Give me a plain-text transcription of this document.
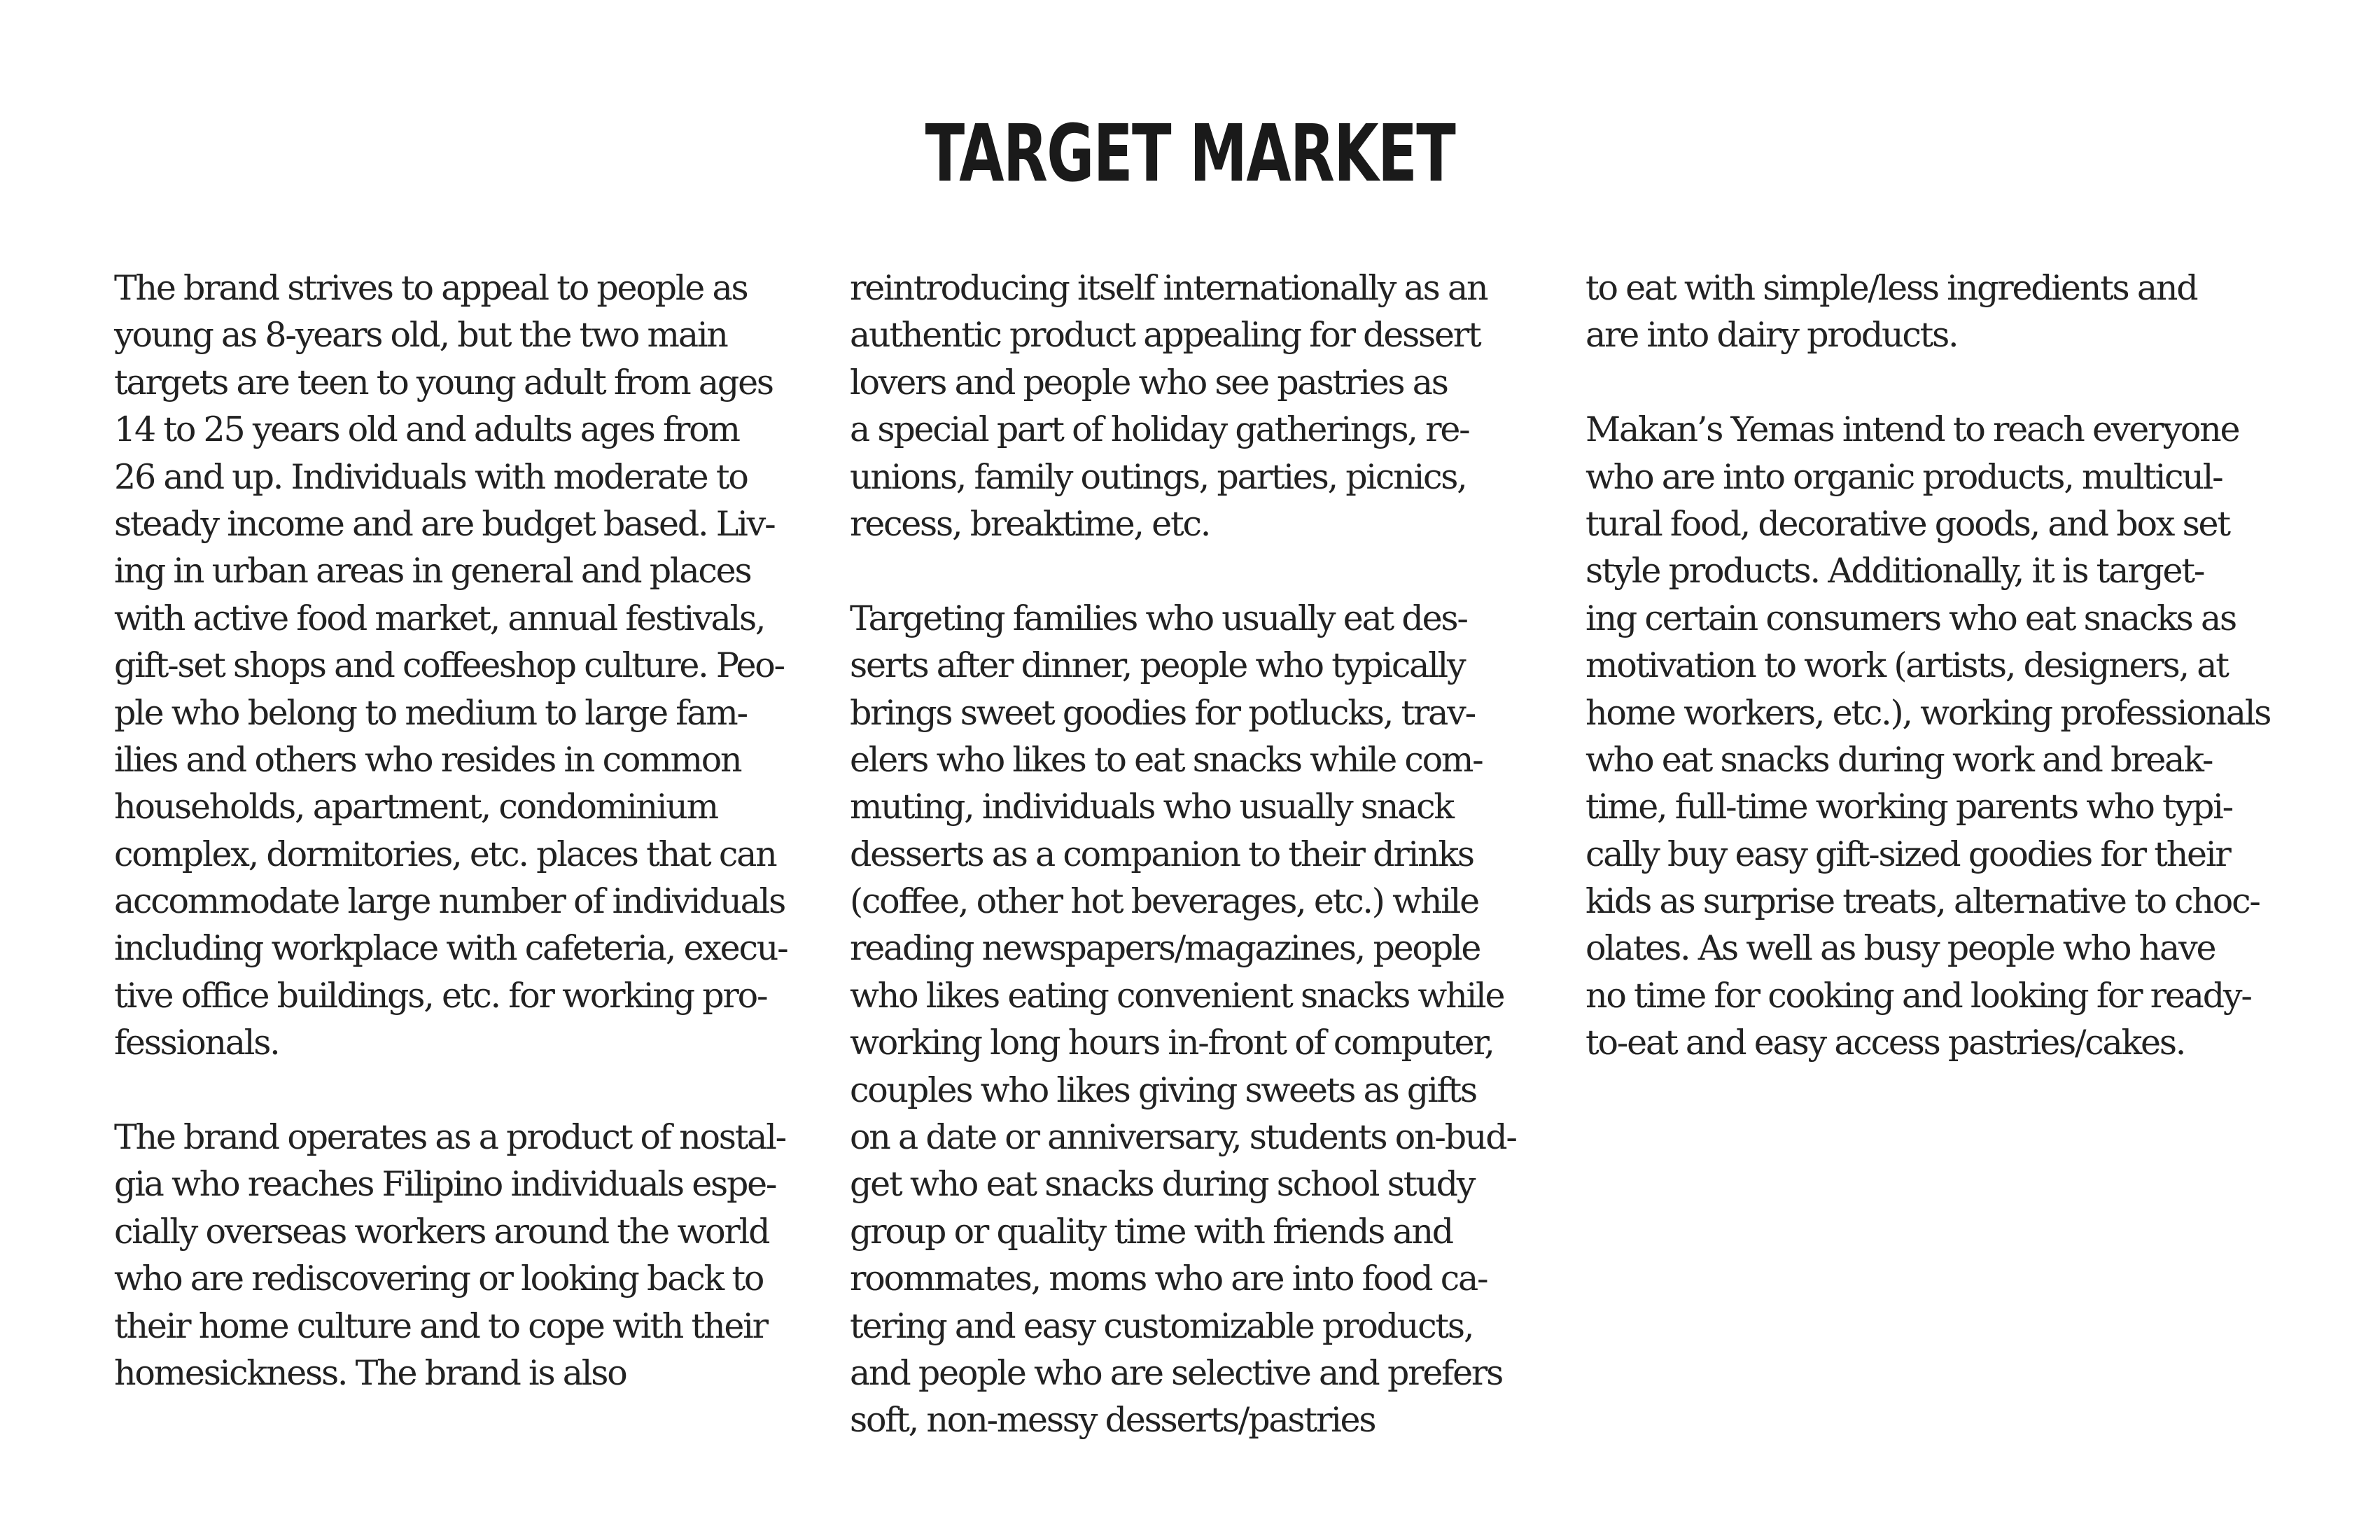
TARGET MARKET
The brand strives to appeal to people as
young as 8-years old, but the two main
targets are teen to young adult from ages
14 to 25 years old and adults ages from
26 and up. Individuals with moderate to
steady income and are budget based. Liv-
ing in urban areas in general and places
with active food market, annual festivals,
gift-set shops and coffeeshop culture. Peo-
ple who belong to medium to large fam-
ilies and others who resides in common
households, apartment, condominium
complex, dormitories, etc. places that can
accommodate large number of individuals
including workplace with cafeteria, execu-
tive office buildings, etc. for working pro-
fessionals.
The brand operates as a product of nostal-
gia who reaches Filipino individuals espe-
cially overseas workers around the world
who are rediscovering or looking back to
their home culture and to cope with their
homesickness. The brand is also
reintroducing itself internationally as an
authentic product appealing for dessert
lovers and people who see pastries as
a special part of holiday gatherings, re-
unions, family outings, parties, picnics,
recess, breaktime, etc.
Targeting families who usually eat des-
serts after dinner, people who typically
brings sweet goodies for potlucks, trav-
elers who likes to eat snacks while com-
muting, individuals who usually snack
desserts as a companion to their drinks
(coffee, other hot beverages, etc.) while
reading newspapers/magazines, people
who likes eating convenient snacks while
working long hours in-front of computer,
couples who likes giving sweets as gifts
on a date or anniversary, students on-bud-
get who eat snacks during school study
group or quality time with friends and
roommates, moms who are into food ca-
tering and easy customizable products,
and people who are selective and prefers
soft, non-messy desserts/pastries
to eat with simple/less ingredients and
are into dairy products.
Makan’s Yemas intend to reach everyone
who are into organic products, multicul-
tural food, decorative goods, and box set
style products. Additionally, it is target-
ing certain consumers who eat snacks as
motivation to work (artists, designers, at
home workers, etc.), working professionals
who eat snacks during work and break-
time, full-time working parents who typi-
cally buy easy gift-sized goodies for their
kids as surprise treats, alternative to choc-
olates. As well as busy people who have
no time for cooking and looking for ready-
to-eat and easy access pastries/cakes.
